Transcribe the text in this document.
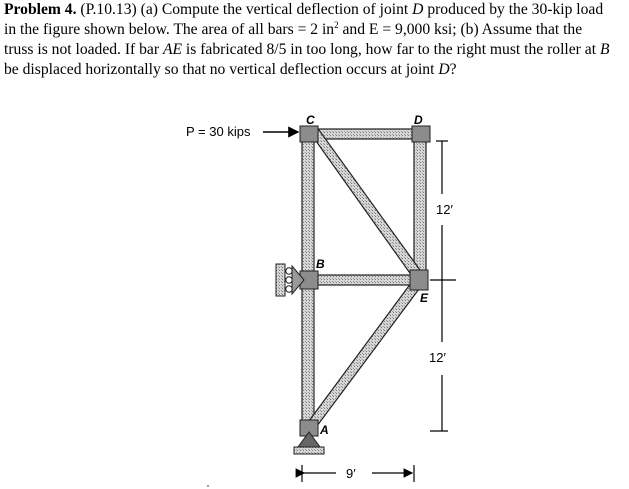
Problem 4. (P.10.13) (a) Compute the vertical deflection of joint D produced by the 30-kip load
in the figure shown below. The area of all bars = 2 $in^2$ and E = 9,000 ksi; (b) Assume that the
truss is not loaded. If bar AE is fabricated 8/5 in too long, how far to the right must the roller at B
be displaced horizontally so that no vertical deflection occurs at joint D?
P = 30 kips
C	D
B
E
A
12′
12′
9′
